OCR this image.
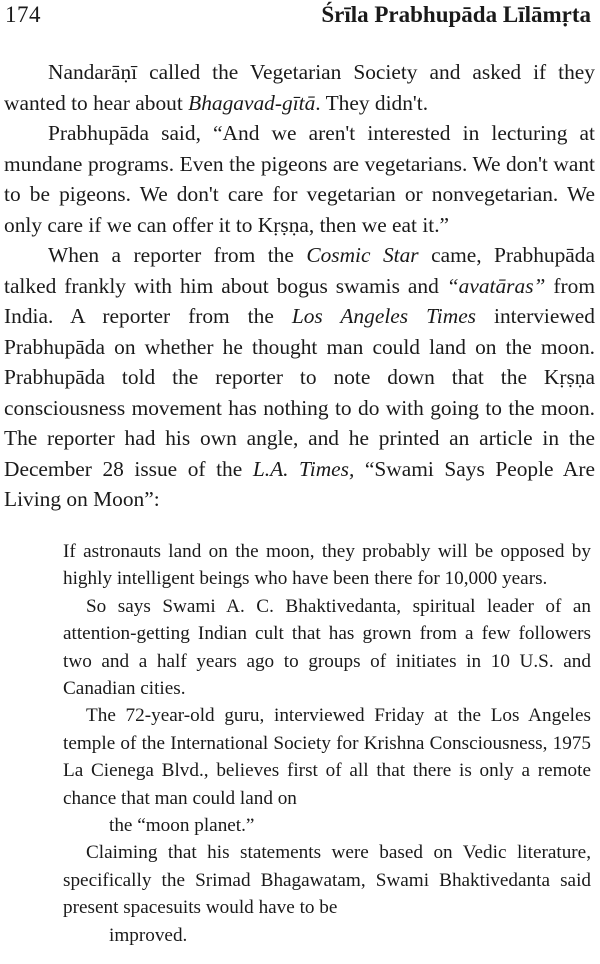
174	Śrīla Prabhupāda Līlāmṛta

Nandarāṇī called the Vegetarian Society and asked if they wanted to hear about Bhagavad-gītā. They didn't.

Prabhupāda said, “And we aren't interested in lecturing at mundane programs. Even the pigeons are vegetarians. We don't want to be pigeons. We don't care for vegetarian or nonvegetarian. We only care if we can offer it to Kṛṣṇa, then we eat it.”

When a reporter from the Cosmic Star came, Prabhupāda talked frankly with him about bogus swamis and “avatāras” from India. A reporter from the Los Angeles Times interviewed Prabhupāda on whether he thought man could land on the moon. Prabhupāda told the reporter to note down that the Kṛṣṇa consciousness movement has nothing to do with going to the moon. The reporter had his own angle, and he printed an article in the December 28 issue of the L.A. Times, “Swami Says People Are Living on Moon”:

If astronauts land on the moon, they probably will be opposed by highly intelligent beings who have been there for 10,000 years.

So says Swami A. C. Bhaktivedanta, spiritual leader of an attention-getting Indian cult that has grown from a few followers two and a half years ago to groups of initiates in 10 U.S. and Canadian cities.

The 72-year-old guru, interviewed Friday at the Los Angeles temple of the International Society for Krishna Consciousness, 1975 La Cienega Blvd., believes first of all that there is only a remote chance that man could land on
the “moon planet.”

Claiming that his statements were based on Vedic literature, specifically the Srimad Bhagawatam, Swami Bhaktivedanta said present spacesuits would have to be
improved.
